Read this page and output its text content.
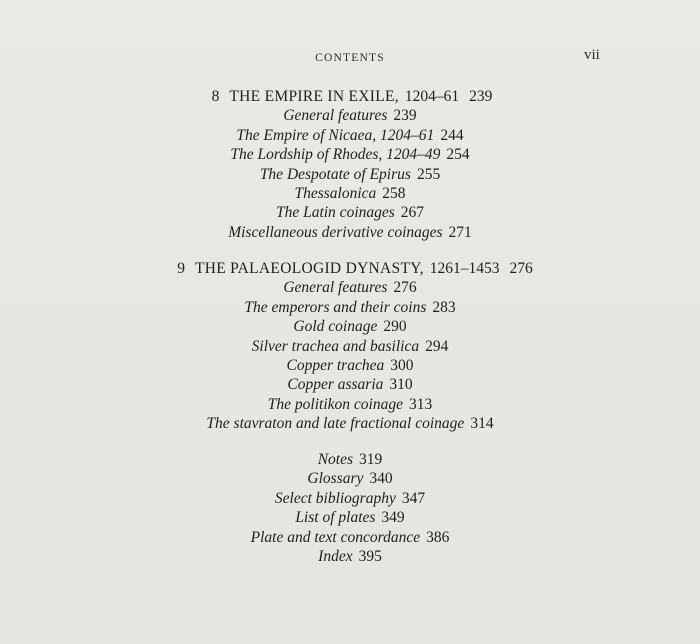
CONTENTS	vii
8 THE EMPIRE IN EXILE, 1204–61 239
General features 239
The Empire of Nicaea, 1204–61 244
The Lordship of Rhodes, 1204–49 254
The Despotate of Epirus 255
Thessalonica 258
The Latin coinages 267
Miscellaneous derivative coinages 271
9 THE PALAEOLOGID DYNASTY, 1261–1453 276
General features 276
The emperors and their coins 283
Gold coinage 290
Silver trachea and basilica 294
Copper trachea 300
Copper assaria 310
The politikon coinage 313
The stavraton and late fractional coinage 314
Notes 319
Glossary 340
Select bibliography 347
List of plates 349
Plate and text concordance 386
Index 395
